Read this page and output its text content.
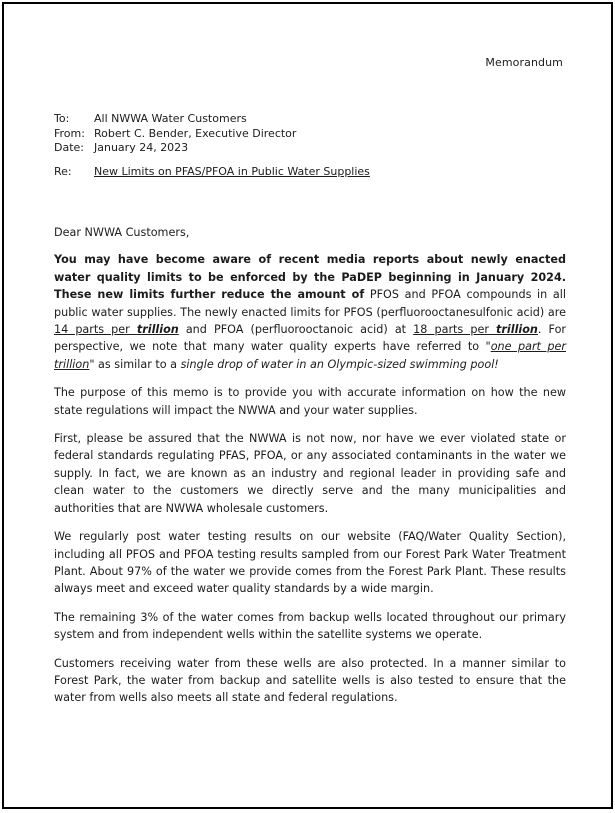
Memorandum
To:	All NWWA Water Customers
From: Robert C. Bender, Executive Director
Date: January 24, 2023
Re:	New Limits on PFAS/PFOA in Public Water Supplies

Dear NWWA Customers,

You may have become aware of recent media reports about newly enacted water quality limits to be enforced by the PaDEP beginning in January 2024. These new limits further reduce the amount of PFOS and PFOA compounds in all public water supplies. The newly enacted limits for PFOS (perfluorooctanesulfonic acid) are 14 parts per trillion and PFOA (perfluorooctanoic acid) at 18 parts per trillion. For perspective, we note that many water quality experts have referred to "one part per trillion" as similar to a single drop of water in an Olympic-sized swimming pool!

The purpose of this memo is to provide you with accurate information on how the new state regulations will impact the NWWA and your water supplies.

First, please be assured that the NWWA is not now, nor have we ever violated state or federal standards regulating PFAS, PFOA, or any associated contaminants in the water we supply. In fact, we are known as an industry and regional leader in providing safe and clean water to the customers we directly serve and the many municipalities and authorities that are NWWA wholesale customers.

We regularly post water testing results on our website (FAQ/Water Quality Section), including all PFOS and PFOA testing results sampled from our Forest Park Water Treatment Plant. About 97% of the water we provide comes from the Forest Park Plant. These results always meet and exceed water quality standards by a wide margin.

The remaining 3% of the water comes from backup wells located throughout our primary system and from independent wells within the satellite systems we operate.

Customers receiving water from these wells are also protected. In a manner similar to Forest Park, the water from backup and satellite wells is also tested to ensure that the water from wells also meets all state and federal regulations.
